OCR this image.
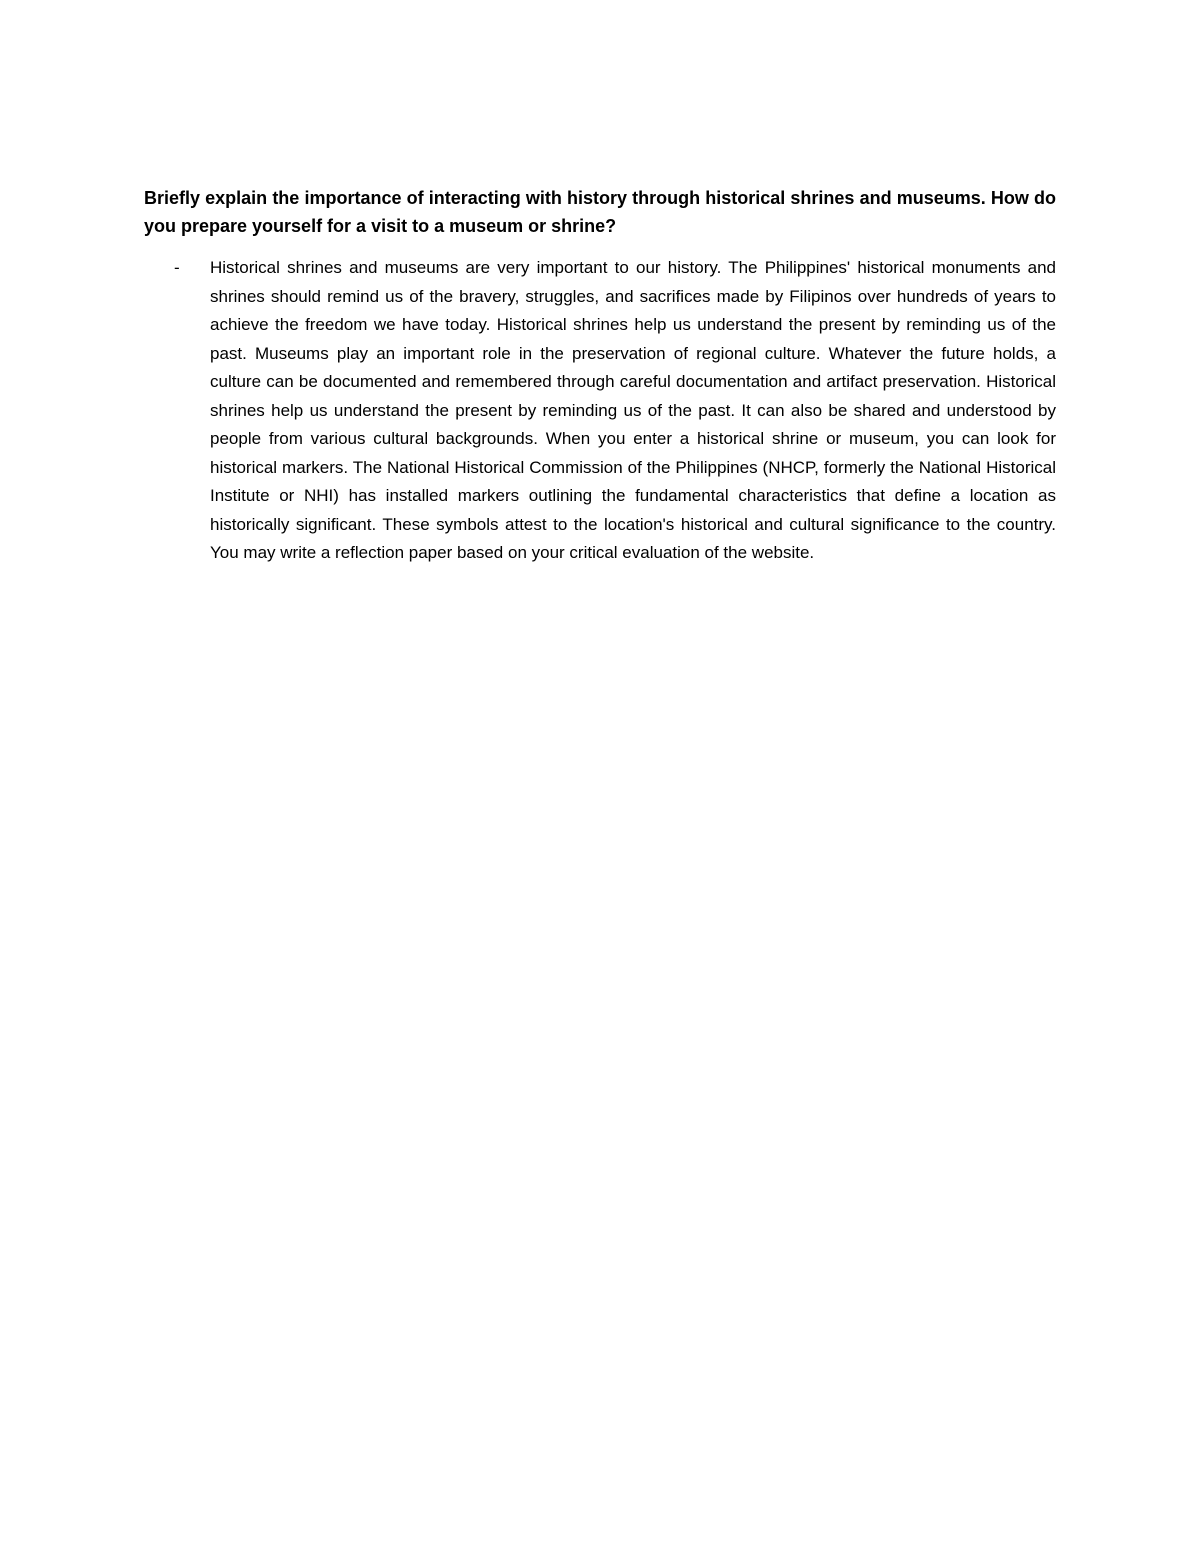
Briefly explain the importance of interacting with history through historical shrines and museums. How do you prepare yourself for a visit to a museum or shrine?

- Historical shrines and museums are very important to our history. The Philippines' historical monuments and shrines should remind us of the bravery, struggles, and sacrifices made by Filipinos over hundreds of years to achieve the freedom we have today. Historical shrines help us understand the present by reminding us of the past. Museums play an important role in the preservation of regional culture. Whatever the future holds, a culture can be documented and remembered through careful documentation and artifact preservation. Historical shrines help us understand the present by reminding us of the past. It can also be shared and understood by people from various cultural backgrounds. When you enter a historical shrine or museum, you can look for historical markers. The National Historical Commission of the Philippines (NHCP, formerly the National Historical Institute or NHI) has installed markers outlining the fundamental characteristics that define a location as historically significant. These symbols attest to the location's historical and cultural significance to the country. You may write a reflection paper based on your critical evaluation of the website.
